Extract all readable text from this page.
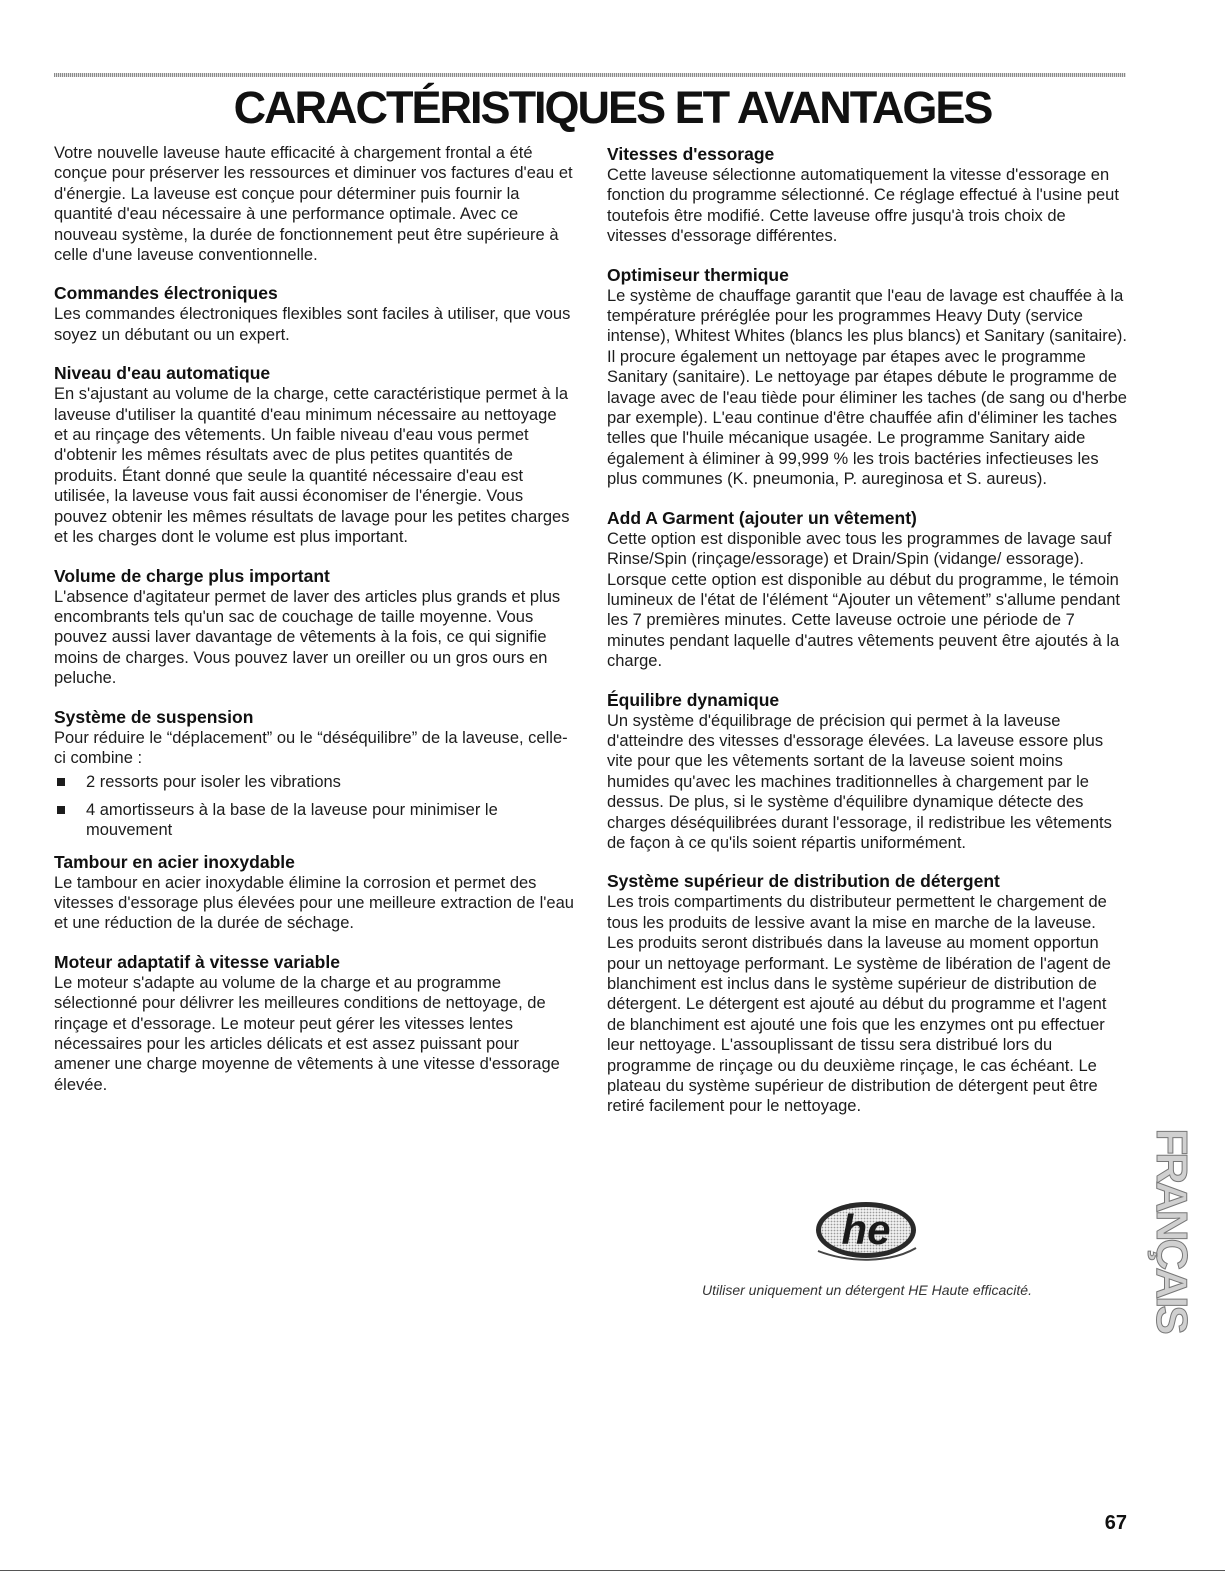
CARACTÉRISTIQUES ET AVANTAGES

Votre nouvelle laveuse haute efficacité à chargement frontal a été conçue pour préserver les ressources et diminuer vos factures d'eau et d'énergie. La laveuse est conçue pour déterminer puis fournir la quantité d'eau nécessaire à une performance optimale. Avec ce nouveau système, la durée de fonctionnement peut être supérieure à celle d'une laveuse conventionnelle.

Commandes électroniques

Les commandes électroniques flexibles sont faciles à utiliser, que vous soyez un débutant ou un expert.

Niveau d'eau automatique

En s'ajustant au volume de la charge, cette caractéristique permet à la laveuse d'utiliser la quantité d'eau minimum nécessaire au nettoyage et au rinçage des vêtements. Un faible niveau d'eau vous permet d'obtenir les mêmes résultats avec de plus petites quantités de produits. Étant donné que seule la quantité nécessaire d'eau est utilisée, la laveuse vous fait aussi économiser de l'énergie. Vous pouvez obtenir les mêmes résultats de lavage pour les petites charges et les charges dont le volume est plus important.

Volume de charge plus important

L'absence d'agitateur permet de laver des articles plus grands et plus encombrants tels qu'un sac de couchage de taille moyenne. Vous pouvez aussi laver davantage de vêtements à la fois, ce qui signifie moins de charges. Vous pouvez laver un oreiller ou un gros ours en peluche.

Système de suspension

Pour réduire le “déplacement” ou le “déséquilibre” de la laveuse, celle-ci combine :

2 ressorts pour isoler les vibrations
4 amortisseurs à la base de la laveuse pour minimiser le mouvement
Tambour en acier inoxydable

Le tambour en acier inoxydable élimine la corrosion et permet des vitesses d'essorage plus élevées pour une meilleure extraction de l'eau et une réduction de la durée de séchage.

Moteur adaptatif à vitesse variable

Le moteur s'adapte au volume de la charge et au programme sélectionné pour délivrer les meilleures conditions de nettoyage, de rinçage et d'essorage. Le moteur peut gérer les vitesses lentes nécessaires pour les articles délicats et est assez puissant pour amener une charge moyenne de vêtements à une vitesse d'essorage élevée.

Vitesses d'essorage

Cette laveuse sélectionne automatiquement la vitesse d'essorage en fonction du programme sélectionné. Ce réglage effectué à l'usine peut toutefois être modifié. Cette laveuse offre jusqu'à trois choix de vitesses d'essorage différentes.

Optimiseur thermique

Le système de chauffage garantit que l'eau de lavage est chauffée à la température préréglée pour les programmes Heavy Duty (service intense), Whitest Whites (blancs les plus blancs) et Sanitary (sanitaire). Il procure également un nettoyage par étapes avec le programme Sanitary (sanitaire). Le nettoyage par étapes débute le programme de lavage avec de l'eau tiède pour éliminer les taches (de sang ou d'herbe par exemple). L'eau continue d'être chauffée afin d'éliminer les taches telles que l'huile mécanique usagée. Le programme Sanitary aide également à éliminer à 99,999 % les trois bactéries infectieuses les plus communes (K. pneumonia, P. aureginosa et S. aureus).

Add A Garment (ajouter un vêtement)

Cette option est disponible avec tous les programmes de lavage sauf Rinse/Spin (rinçage/essorage) et Drain/Spin (vidange/ essorage). Lorsque cette option est disponible au début du programme, le témoin lumineux de l'état de l'élément “Ajouter un vêtement” s'allume pendant les 7 premières minutes. Cette laveuse octroie une période de 7 minutes pendant laquelle d'autres vêtements peuvent être ajoutés à la charge.

Équilibre dynamique

Un système d'équilibrage de précision qui permet à la laveuse d'atteindre des vitesses d'essorage élevées. La laveuse essore plus vite pour que les vêtements sortant de la laveuse soient moins humides qu'avec les machines traditionnelles à chargement par le dessus. De plus, si le système d'équilibre dynamique détecte des charges déséquilibrées durant l'essorage, il redistribue les vêtements de façon à ce qu'ils soient répartis uniformément.

Système supérieur de distribution de détergent

Les trois compartiments du distributeur permettent le chargement de tous les produits de lessive avant la mise en marche de la laveuse. Les produits seront distribués dans la laveuse au moment opportun pour un nettoyage performant. Le système de libération de l'agent de blanchiment est inclus dans le système supérieur de distribution de détergent. Le détergent est ajouté au début du programme et l'agent de blanchiment est ajouté une fois que les enzymes ont pu effectuer leur nettoyage. L'assouplissant de tissu sera distribué lors du programme de rinçage ou du deuxième rinçage, le cas échéant. Le plateau du système supérieur de distribution de détergent peut être retiré facilement pour le nettoyage.

he

Utiliser uniquement un détergent HE Haute efficacité.	FRANÇAIS
67
